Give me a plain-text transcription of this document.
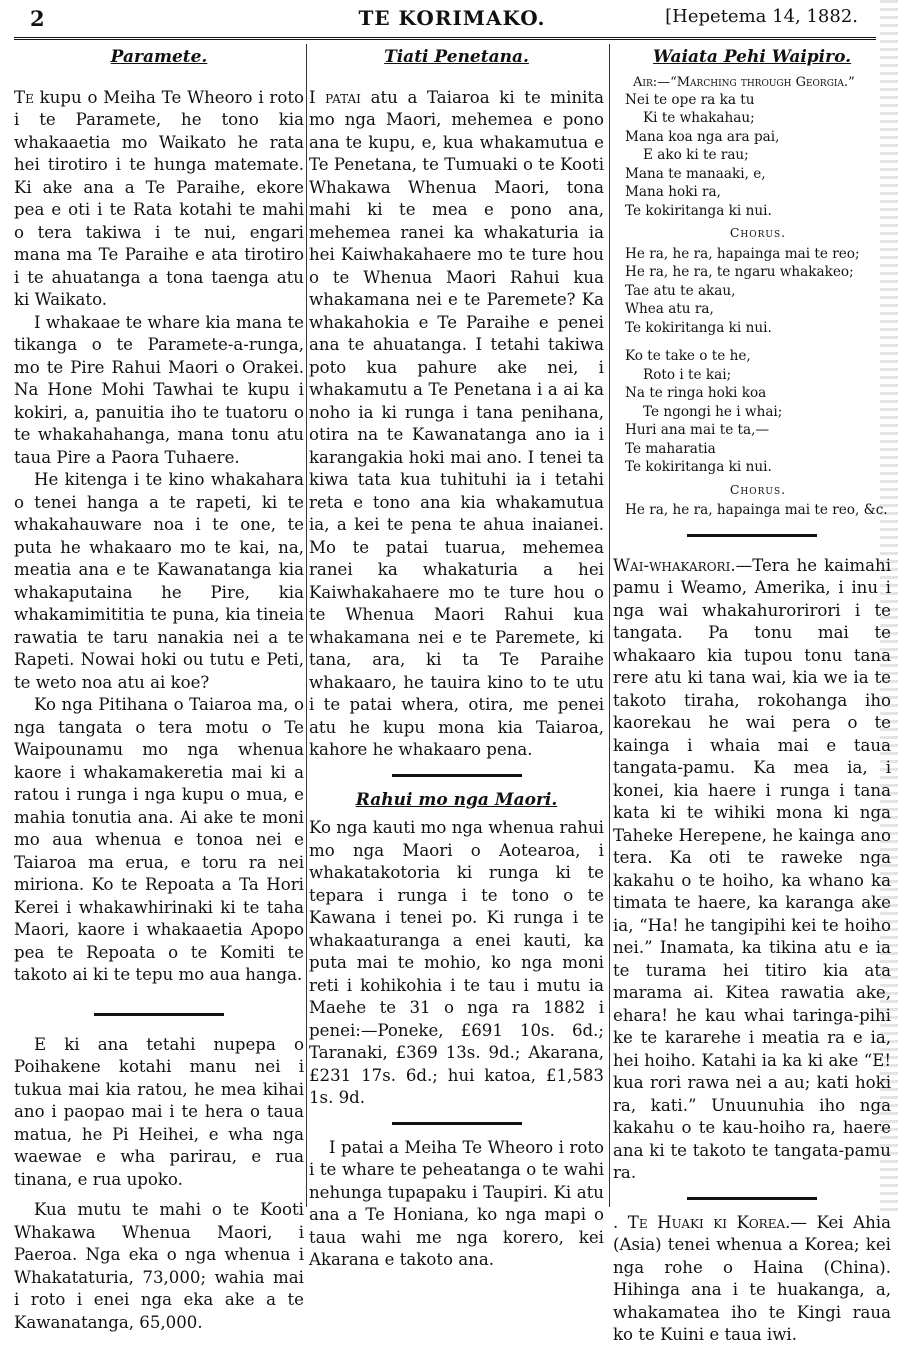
2	TE KORIMAKO.	[Hepetema 14, 1882.
Paramete.

Te kupu o Meiha Te Wheoro i roto i te Paramete, he tono kia whakaaetia mo Waikato he rata hei tirotiro i te hunga matemate. Ki ake ana a Te Paraihe, ekore pea e oti i te Rata kotahi te mahi o tera takiwa i te nui, engari mana ma Te Paraihe e ata tirotiro i te ahuatanga a tona taenga atu ki Waikato.

I whakaae te whare kia mana te tikanga o te Paramete-a-runga, mo te Pire Rahui Maori o Orakei. Na Hone Mohi Tawhai te kupu i kokiri, a, panuitia iho te tuatoru o te whakahahanga, mana tonu atu taua Pire a Paora Tuhaere.

He kitenga i te kino whakahara o tenei hanga a te rapeti, ki te whakahauware noa i te one, te puta he whakaaro mo te kai, na, meatia ana e te Kawanatanga kia whakaputaina he Pire, kia whakamimititia te puna, kia tineia rawatia te taru nanakia nei a te Rapeti. Nowai hoki ou tutu e Peti, te weto noa atu ai koe?

Ko nga Pitihana o Taiaroa ma, o nga tangata o tera motu o Te Waipounamu mo nga whenua kaore i whakamakeretia mai ki a ratou i runga i nga kupu o mua, e mahia tonutia ana. Ai ake te moni mo aua whenua e tonoa nei e Taiaroa ma erua, e toru ra nei miriona. Ko te Repoata a Ta Hori Kerei i whakawhirinaki ki te taha Maori, kaore i whakaaetia Apopo pea te Repoata o te Komiti te takoto ai ki te tepu mo aua hanga.

E ki ana tetahi nupepa o Poihakene kotahi manu nei i tukua mai kia ratou, he mea kihai ano i paopao mai i te hera o taua matua, he Pi Heihei, e wha nga waewae e wha parirau, e rua tinana, e rua upoko.

Kua mutu te mahi o te Kooti Whakawa Whenua Maori, i Paeroa. Nga eka o nga whenua i Whakataturia, 73,000; wahia mai i roto i enei nga eka ake a te Kawanatanga, 65,000.

Tiati Penetana.

I patai atu a Taiaroa ki te minita mo nga Maori, mehemea e pono ana te kupu, e, kua whakamutua e Te Penetana, te Tumuaki o te Kooti Whakawa Whenua Maori, tona mahi ki te mea e pono ana, mehemea ranei ka whakaturia ia hei Kaiwhakahaere mo te ture hou o te Whenua Maori Rahui kua whakamana nei e te Paremete? Ka whakahokia e Te Paraihe e penei ana te ahuatanga. I tetahi takiwa poto kua pahure ake nei, i whakamutu a Te Penetana i a ai ka noho ia ki runga i tana penihana, otira na te Kawanatanga ano ia i karangakia hoki mai ano. I tenei ta kiwa tata kua tuhituhi ia i tetahi reta e tono ana kia whakamutua ia, a kei te pena te ahua inaianei. Mo te patai tuarua, mehemea ranei ka whakaturia a hei Kaiwhakahaere mo te ture hou o te Whenua Maori Rahui kua whakamana nei e te Paremete, ki tana, ara, ki ta Te Paraihe whakaaro, he tauira kino to te utu i te patai whera, otira, me penei atu he kupu mona kia Taiaroa, kahore he whakaaro pena.

Rahui mo nga Maori.

Ko nga kauti mo nga whenua rahui mo nga Maori o Aotearoa, i whakatakotoria ki runga ki te tepara i runga i te tono o te Kawana i tenei po. Ki runga i te whakaaturanga a enei kauti, ka puta mai te mohio, ko nga moni reti i kohikohia i te tau i mutu ia Maehe te 31 o nga ra 1882 i penei:—Poneke, £691 10s. 6d.; Taranaki, £369 13s. 9d.; Akarana, £231 17s. 6d.; hui katoa, £1,583 1s. 9d.

I patai a Meiha Te Wheoro i roto i te whare te peheatanga o te wahi nehunga tupapaku i Taupiri. Ki atu ana a Te Honiana, ko nga mapi o taua wahi me nga korero, kei Akarana e takoto ana.

Waiata Pehi Waipiro.

Air:—“Marching through Georgia.”

Nei te ope ra ka tu
Ki te whakahau;
Mana koa nga ara pai,
E ako ki te rau;
Mana te manaaki, e,
Mana hoki ra,
Te kokiritanga ki nui.
Chorus.
He ra, he ra, hapainga mai te reo;
He ra, he ra, te ngaru whakakeo;
Tae atu te akau,
Whea atu ra,
Te kokiritanga ki nui.
Ko te take o te he,
Roto i te kai;
Na te ringa hoki koa
Te ngongi he i whai;
Huri ana mai te ta,—
Te maharatia
Te kokiritanga ki nui.
Chorus.
He ra, he ra, hapainga mai te reo, &c.

Wai-whakarori.—Tera he kaimahi pamu i Weamo, Amerika, i inu i nga wai whakahurorirori i te tangata. Pa tonu mai te whakaaro kia tupou tonu tana rere atu ki tana wai, kia we ia te takoto tiraha, rokohanga iho kaorekau he wai pera o te kainga i whaia mai e taua tangata-pamu. Ka mea ia, i konei, kia haere i runga i tana kata ki te wihiki mona ki nga Taheke Herepene, he kainga ano tera. Ka oti te raweke nga kakahu o te hoiho, ka whano ka timata te haere, ka karanga ake ia, “Ha! he tangipihi kei te hoiho nei.” Inamata, ka tikina atu e ia te turama hei titiro kia ata marama ai. Kitea rawatia ake, ehara! he kau whai taringa-pihi ke te kararehe i meatia ra e ia, hei hoiho. Katahi ia ka ki ake “E! kua rori rawa nei a au; kati hoki ra, kati.” Unuunuhia iho nga kakahu o te kau-hoiho ra, haere ana ki te takoto te tangata-pamu ra.

. Te Huaki ki Korea.— Kei Ahia (Asia) tenei whenua a Korea; kei nga rohe o Haina (China). Hihinga ana i te huakanga, a, whakamatea iho te Kingi raua ko te Kuini e taua iwi.
